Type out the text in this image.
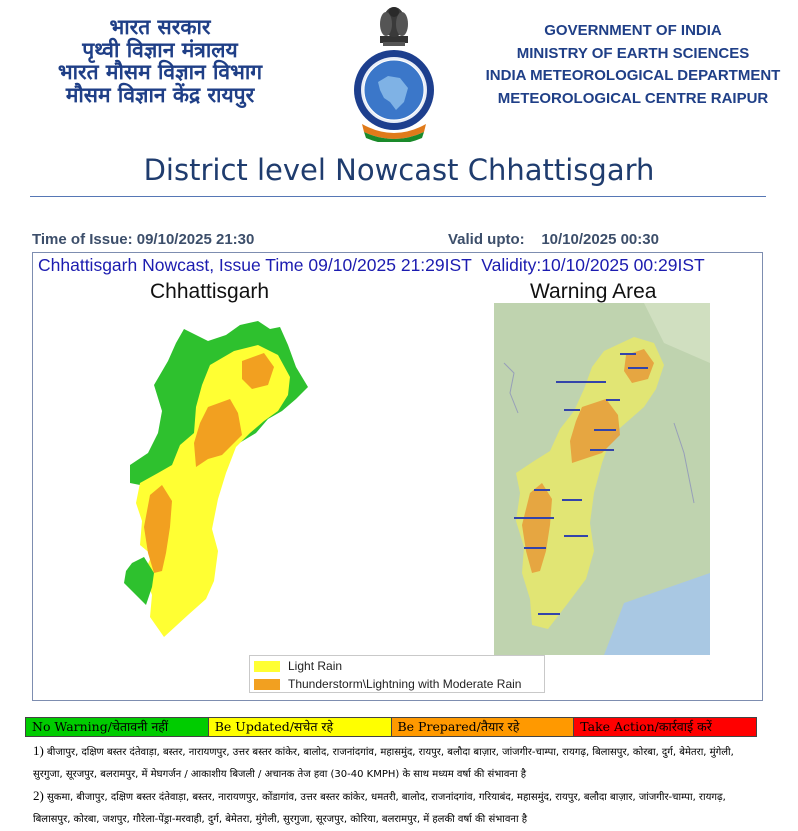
भारत सरकार
पृथ्वी विज्ञान मंत्रालय
भारत मौसम विज्ञान विभाग
मौसम विज्ञान केंद्र रायपुर
GOVERNMENT OF INDIA
MINISTRY OF EARTH SCIENCES
INDIA METEOROLOGICAL DEPARTMENT
METEOROLOGICAL CENTRE RAIPUR
District level Nowcast Chhattisgarh
Time of Issue: 09/10/2025 21:30	Valid upto:    10/10/2025 00:30
Chhattisgarh Nowcast, Issue Time 09/10/2025 21:29IST  Validity:10/10/2025 00:29IST
Chhattisgarh	Warning Area
Light Rain
Thunderstorm\Lightning with Moderate Rain
No Warning/चेतावनी नहीं	Be Updated/सचेत रहे	Be Prepared/तैयार रहे	Take Action/कार्रवाई करें
1) बीजापुर, दक्षिण बस्तर दंतेवाड़ा, बस्तर, नारायणपुर, उत्तर बस्तर कांकेर, बालोद, राजनांदगांव, महासमुंद, रायपुर, बलौदा बाज़ार, जांजगीर-चाम्पा, रायगढ़, बिलासपुर, कोरबा, दुर्ग, बेमेतरा, मुंगेली,
सुरगुजा, सूरजपुर, बलरामपुर, में मेघगर्जन / आकाशीय बिजली / अचानक तेज हवा (30-40 KMPH) के साथ मध्यम वर्षा की संभावना है
2) सुकमा, बीजापुर, दक्षिण बस्तर दंतेवाड़ा, बस्तर, नारायणपुर, कोंडागांव, उत्तर बस्तर कांकेर, धमतरी, बालोद, राजनांदगांव, गरियाबंद, महासमुंद, रायपुर, बलौदा बाज़ार, जांजगीर-चाम्पा, रायगढ़,
बिलासपुर, कोरबा, जशपुर, गौरेला-पेंड्रा-मरवाही, दुर्ग, बेमेतरा, मुंगेली, सुरगुजा, सूरजपुर, कोरिया, बलरामपुर, में हलकी वर्षा की संभावना है
